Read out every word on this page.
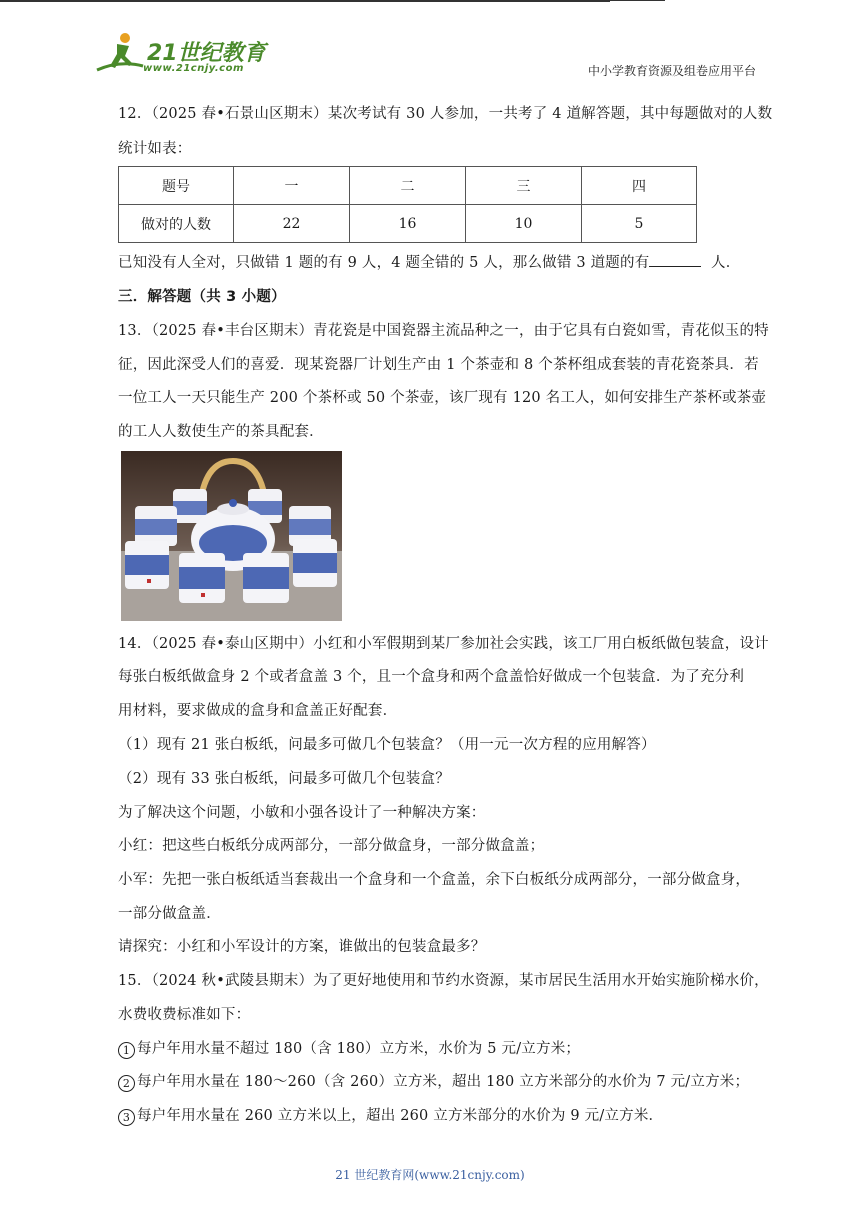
21世纪教育
www.21cnjy.com	中小学教育资源及组卷应用平台
12．（2025 春•石景山区期末）某次考试有 30 人参加，一共考了 4 道解答题，其中每题做对的人数
统计如表：
题号	一	二	三	四
做对的人数	22	16	10	5
已知没有人全对，只做错 1 题的有 9 人，4 题全错的 5 人，那么做错 3 道题的有	人．
三．解答题（共 3 小题）
13．（2025 春•丰台区期末）青花瓷是中国瓷器主流品种之一，由于它具有白瓷如雪，青花似玉的特
征，因此深受人们的喜爱．现某瓷器厂计划生产由 1 个茶壶和 8 个茶杯组成套装的青花瓷茶具．若
一位工人一天只能生产 200 个茶杯或 50 个茶壶，该厂现有 120 名工人，如何安排生产茶杯或茶壶
的工人人数使生产的茶具配套．
14．（2025 春•泰山区期中）小红和小军假期到某厂参加社会实践，该工厂用白板纸做包装盒，设计
每张白板纸做盒身 2 个或者盒盖 3 个，且一个盒身和两个盒盖恰好做成一个包装盒．为了充分利
用材料，要求做成的盒身和盒盖正好配套．
（1）现有 21 张白板纸，问最多可做几个包装盒？（用一元一次方程的应用解答）
（2）现有 33 张白板纸，问最多可做几个包装盒？
为了解决这个问题，小敏和小强各设计了一种解决方案：
小红：把这些白板纸分成两部分，一部分做盒身，一部分做盒盖；
小军：先把一张白板纸适当套裁出一个盒身和一个盒盖，余下白板纸分成两部分，一部分做盒身，
一部分做盒盖．
请探究：小红和小军设计的方案，谁做出的包装盒最多？
15．（2024 秋•武陵县期末）为了更好地使用和节约水资源，某市居民生活用水开始实施阶梯水价，
水费收费标准如下：
1 每户年用水量不超过 180（含 180）立方米，水价为 5 元/立方米；
2 每户年用水量在 180～260（含 260）立方米，超出 180 立方米部分的水价为 7 元/立方米；
3 每户年用水量在 260 立方米以上，超出 260 立方米部分的水价为 9 元/立方米．
21 世纪教育网(www.21cnjy.com)
